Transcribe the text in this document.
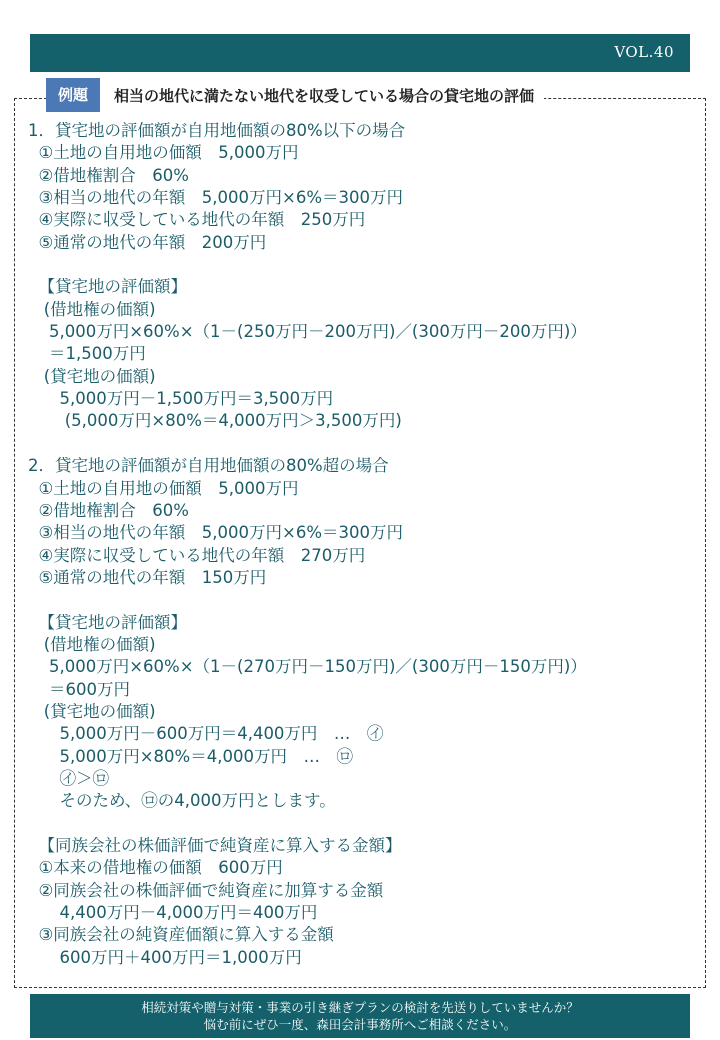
VOL.40
例題	相当の地代に満たない地代を収受している場合の貸宅地の評価
1．貸宅地の評価額が自用地価額の80%以下の場合
①土地の自用地の価額　5,000万円
②借地権割合　60%
③相当の地代の年額　5,000万円×6%＝300万円
④実際に収受している地代の年額　250万円
⑤通常の地代の年額　200万円
【貸宅地の評価額】
(借地権の価額)
5,000万円×60%×（1－(250万円－200万円)／(300万円－200万円)）
＝1,500万円
(貸宅地の価額)
5,000万円－1,500万円＝3,500万円
(5,000万円×80%＝4,000万円＞3,500万円)
2．貸宅地の評価額が自用地価額の80%超の場合
①土地の自用地の価額　5,000万円
②借地権割合　60%
③相当の地代の年額　5,000万円×6%＝300万円
④実際に収受している地代の年額　270万円
⑤通常の地代の年額　150万円
【貸宅地の評価額】
(借地権の価額)
5,000万円×60%×（1－(270万円－150万円)／(300万円－150万円)）
＝600万円
(貸宅地の価額)
5,000万円－600万円＝4,400万円　…　㋑
5,000万円×80%＝4,000万円　…　㋺
㋑＞㋺
そのため、㋺の4,000万円とします。
【同族会社の株価評価で純資産に算入する金額】
①本来の借地権の価額　600万円
②同族会社の株価評価で純資産に加算する金額
4,400万円－4,000万円＝400万円
③同族会社の純資産価額に算入する金額
600万円＋400万円＝1,000万円
相続対策や贈与対策・事業の引き継ぎプランの検討を先送りしていませんか？
悩む前にぜひ一度、森田会計事務所へご相談ください。
